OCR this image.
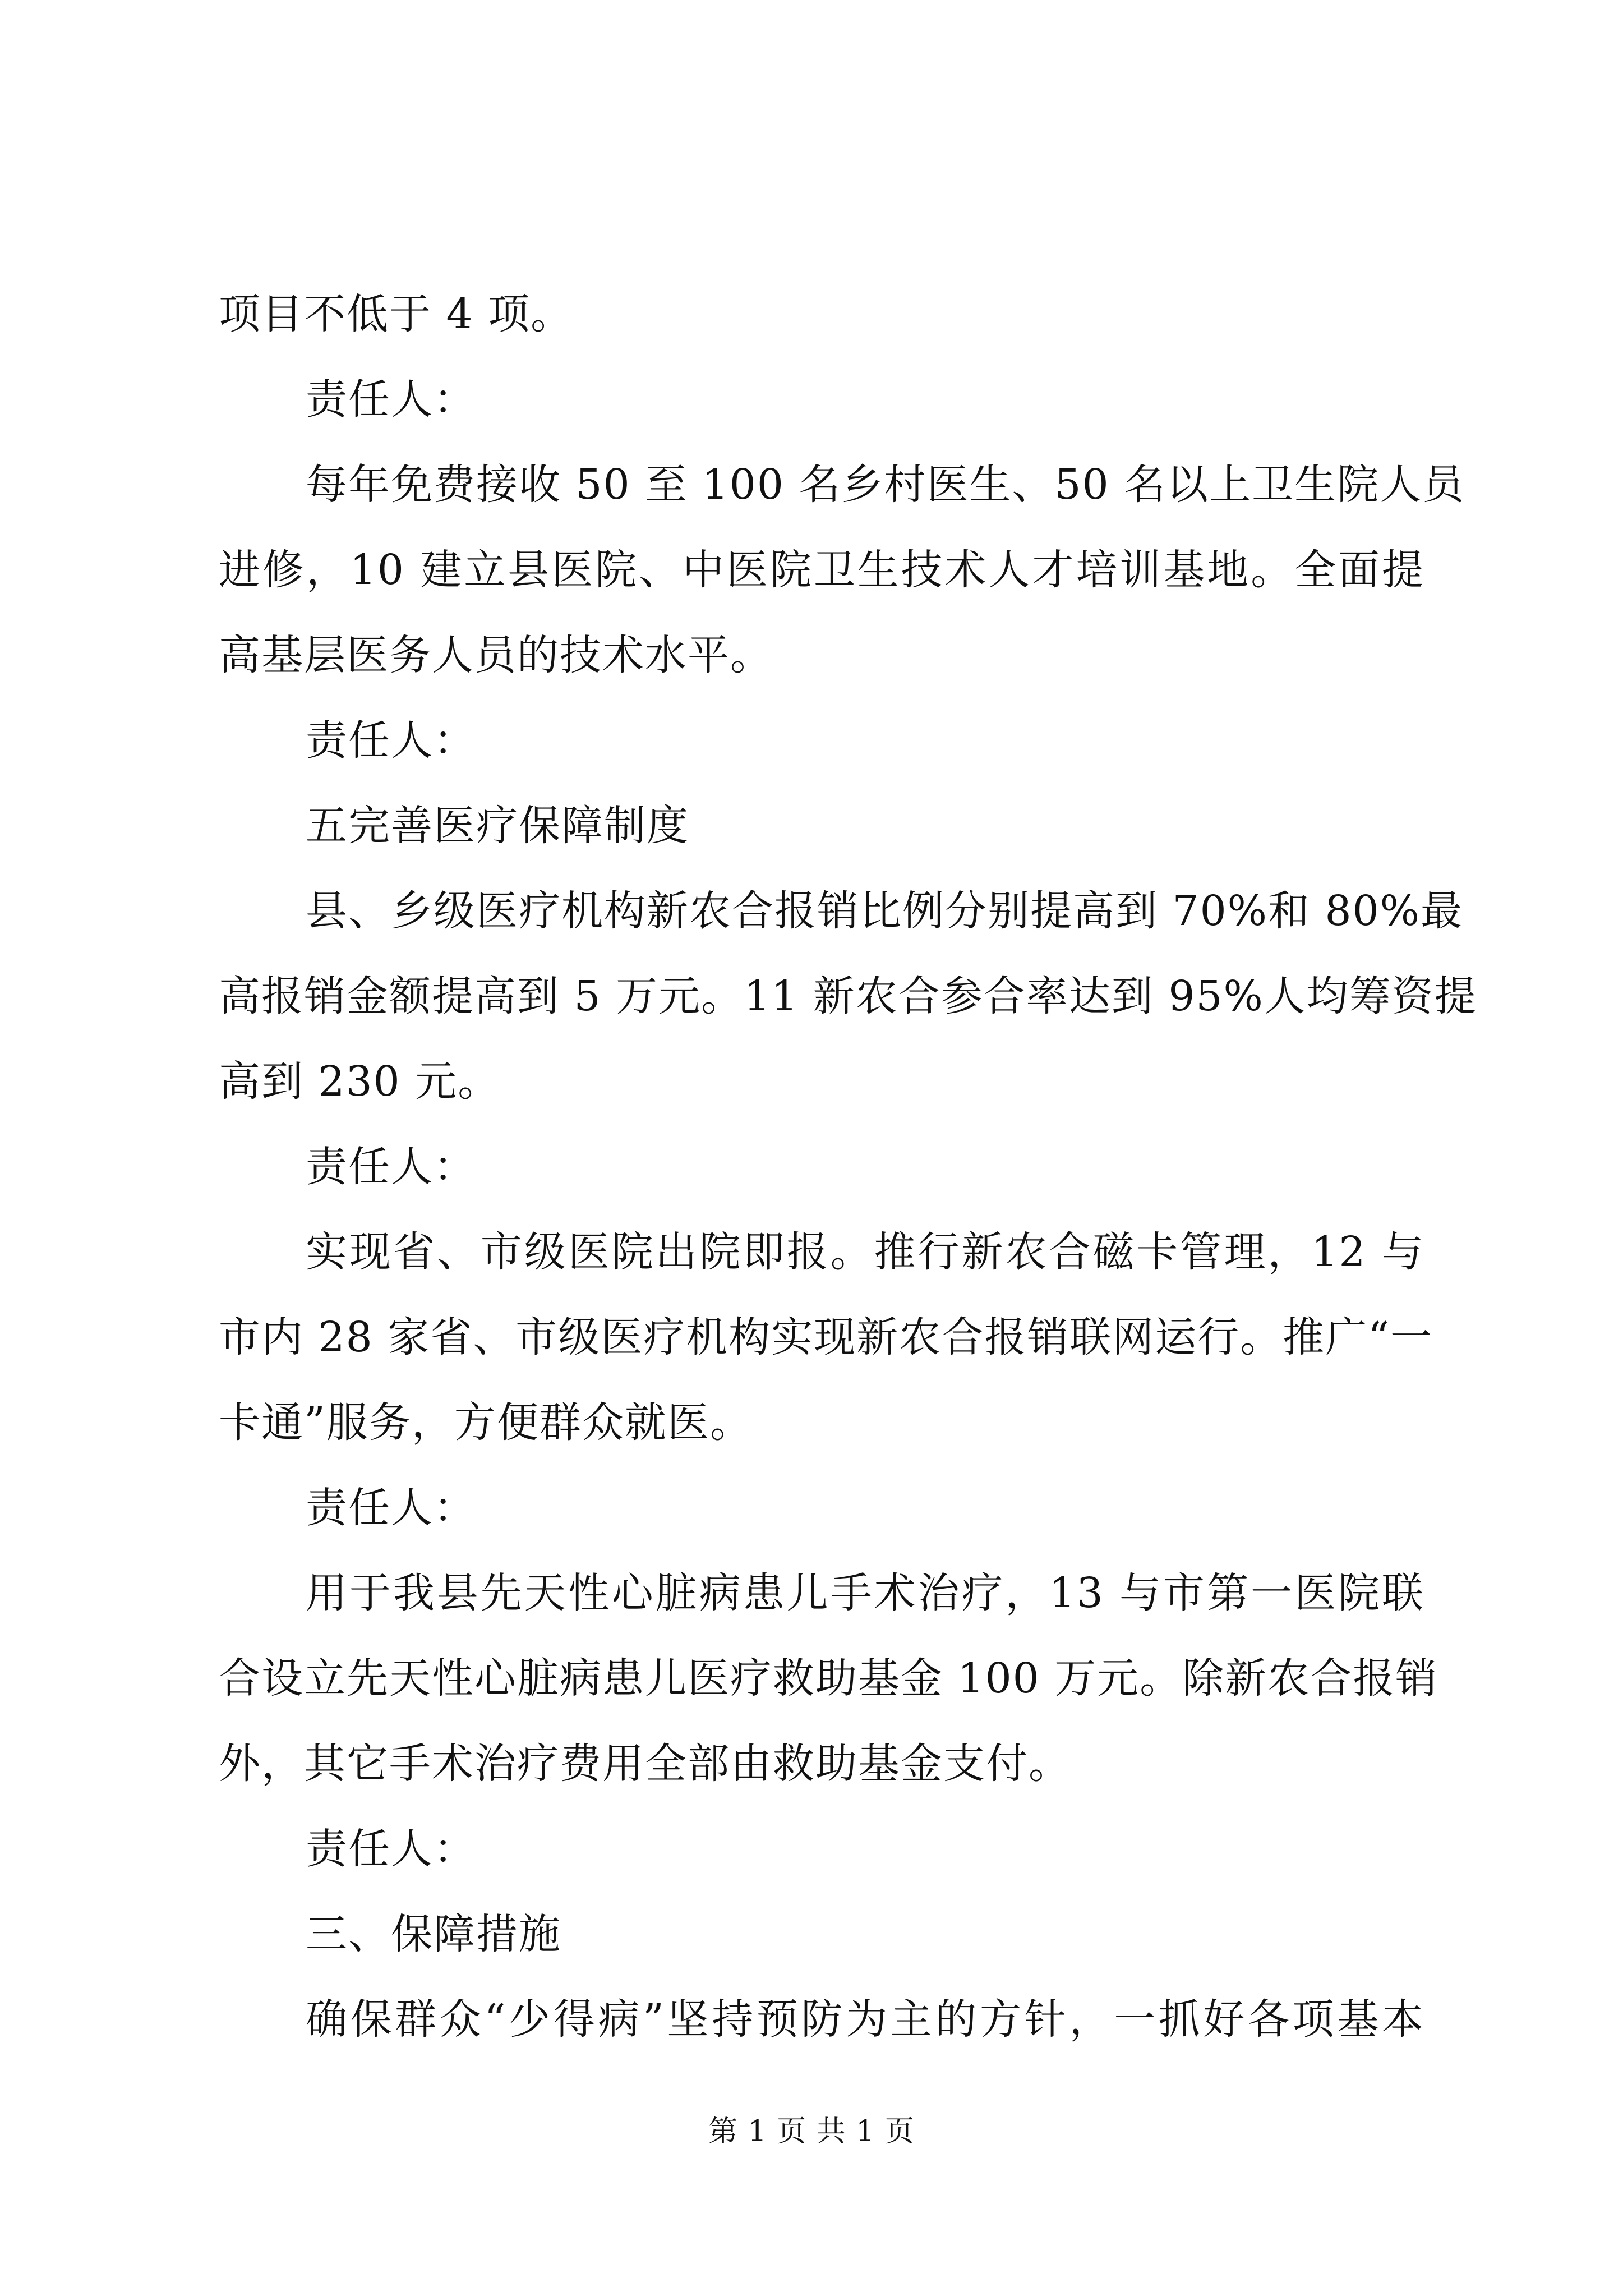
项目不低于 4 项。
责任人：
每年免费接收 50 至 100 名乡村医生、50 名以上卫生院人员
进修，10 建立县医院、中医院卫生技术人才培训基地。全面提
高基层医务人员的技术水平。
责任人：
五完善医疗保障制度
县、乡级医疗机构新农合报销比例分别提高到 70%和 80%最
高报销金额提高到 5 万元。11 新农合参合率达到 95%人均筹资提
高到 230 元。
责任人：
实现省、市级医院出院即报。推行新农合磁卡管理，12 与
市内 28 家省、市级医疗机构实现新农合报销联网运行。推广“一
卡通”服务，方便群众就医。
责任人：
用于我县先天性心脏病患儿手术治疗，13 与市第一医院联
合设立先天性心脏病患儿医疗救助基金 100 万元。除新农合报销
外，其它手术治疗费用全部由救助基金支付。
责任人：
三、保障措施
确保群众“少得病”坚持预防为主的方针，一抓好各项基本
第 1 页 共 1 页
